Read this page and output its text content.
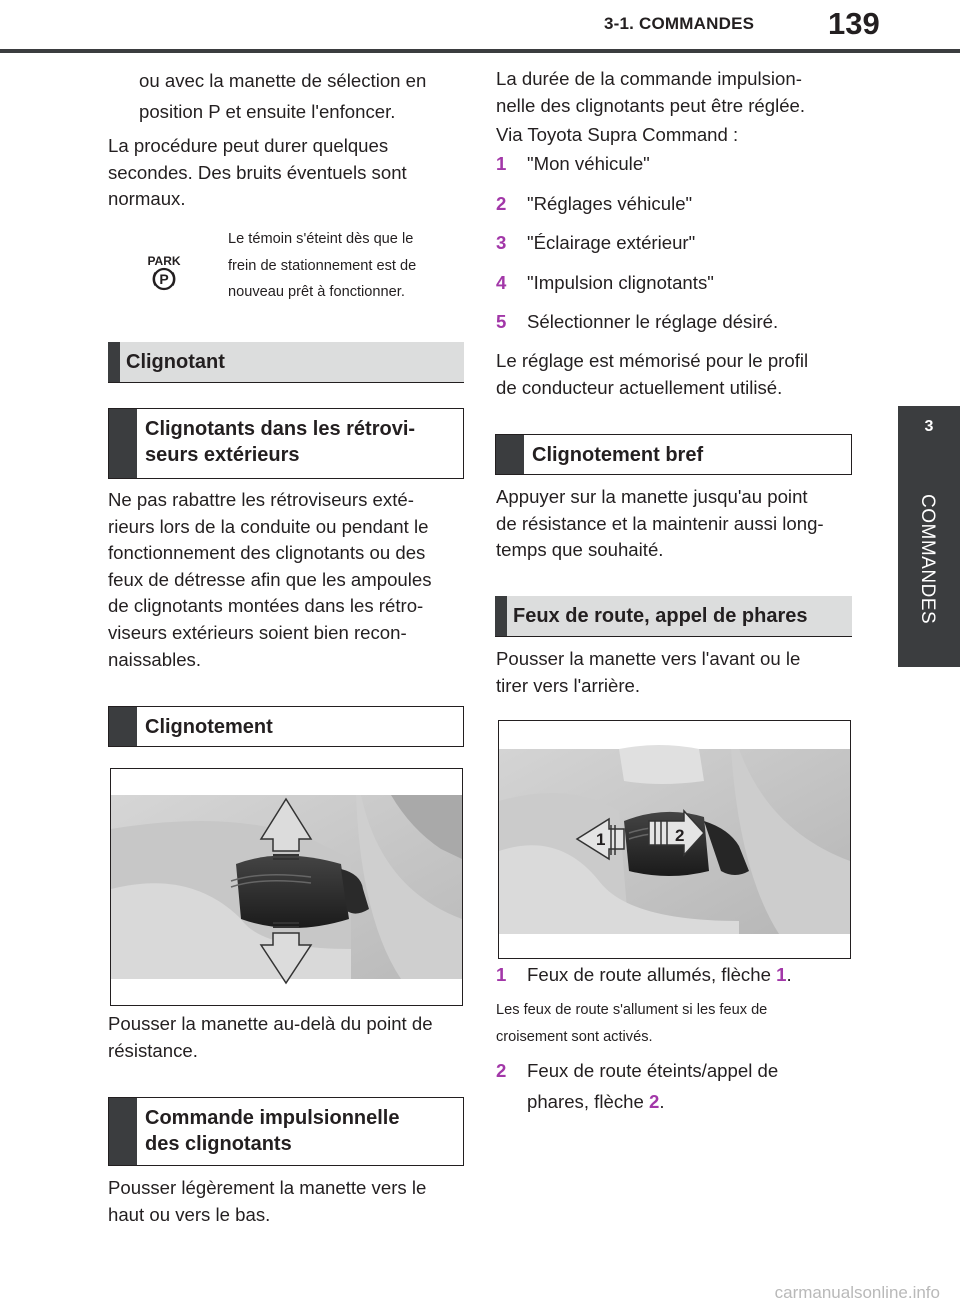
3-1. COMMANDES 139
3
COMMANDES

ou avec la manette de sélection en

position P et ensuite l'enfoncer.

La procédure peut durer quelques

secondes. Des bruits éventuels sont

normaux.

PARK
P

Le témoin s'éteint dès que le

frein de stationnement est de

nouveau prêt à fonctionner.

Clignotant
Clignotants dans les rétrovi-
seurs extérieurs

Ne pas rabattre les rétroviseurs exté-

rieurs lors de la conduite ou pendant le

fonctionnement des clignotants ou des

feux de détresse afin que les ampoules

de clignotants montées dans les rétro-

viseurs extérieurs soient bien recon-

naissables.

Clignotement

Pousser la manette au-delà du point de

résistance.

Commande impulsionnelle
des clignotants

Pousser légèrement la manette vers le

haut ou vers le bas.

La durée de la commande impulsion-

nelle des clignotants peut être réglée.

Via Toyota Supra Command :

1	"Mon véhicule"
2	"Réglages véhicule"
3	"Éclairage extérieur"
4	"Impulsion clignotants"
5	Sélectionner le réglage désiré.

Le réglage est mémorisé pour le profil

de conducteur actuellement utilisé.

Clignotement bref

Appuyer sur la manette jusqu'au point

de résistance et la maintenir aussi long-

temps que souhaité.

Feux de route, appel de phares

Pousser la manette vers l'avant ou le

tirer vers l'arrière.

1	2
1	Feux de route allumés, flèche 1.

Les feux de route s'allument si les feux de

croisement sont activés.

2	Feux de route éteints/appel de
phares, flèche 2.
carmanualsonline.info
